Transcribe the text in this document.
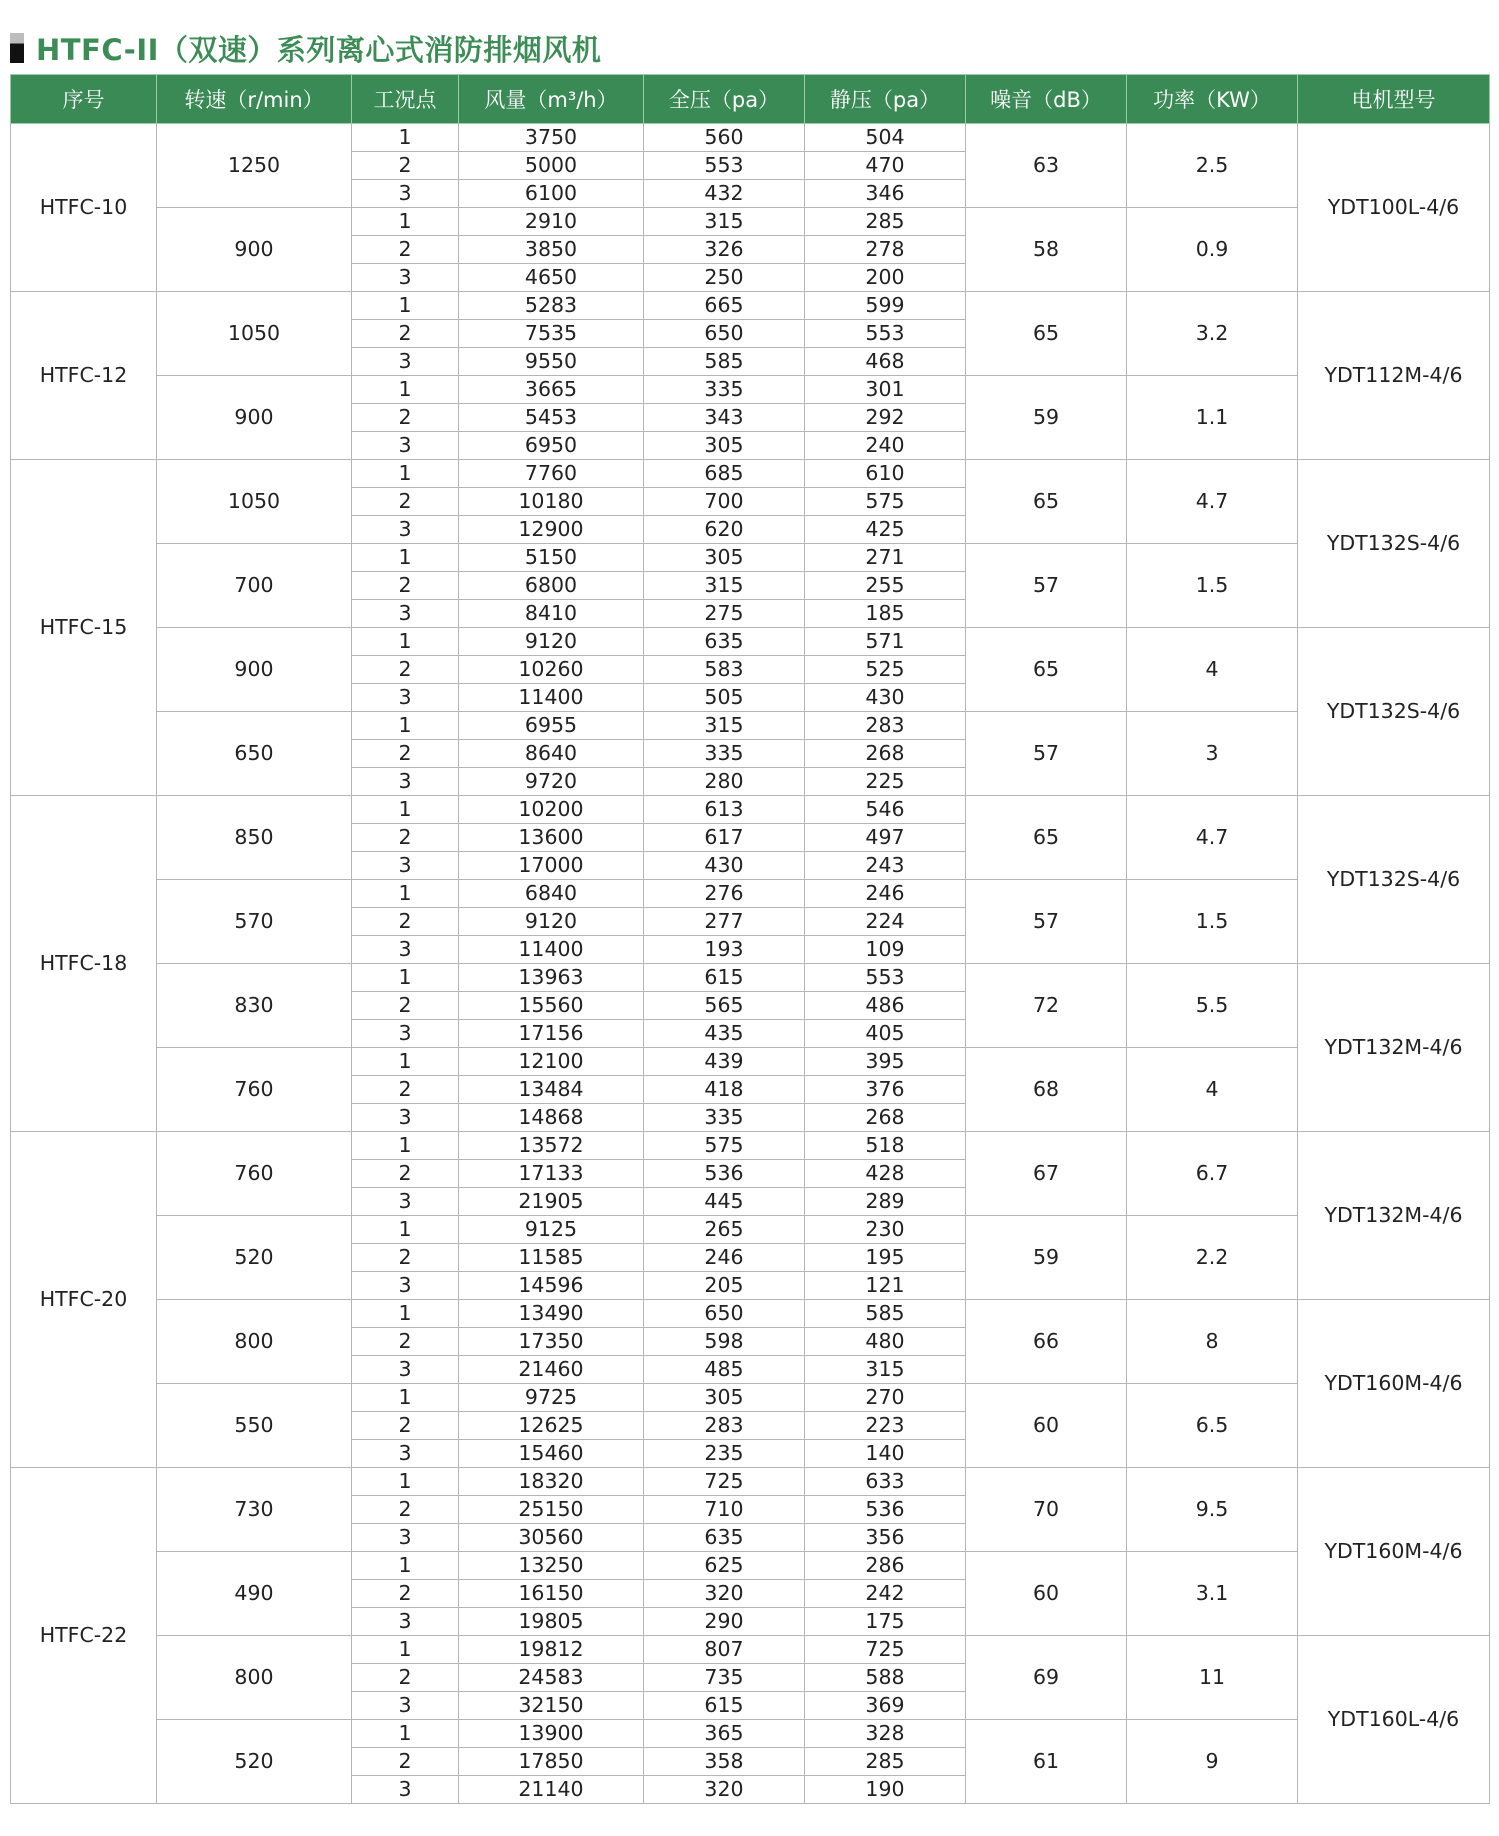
HTFC-II（双速）系列离心式消防排烟风机
序号	转速（r/min）	工况点	风量（m³/h）	全压（pa）	静压（pa）	噪音（dB）	功率（KW）	电机型号
HTFC-10	1250	1	3750	560	504	63	2.5	YDT100L-4/6
		2	5000	553	470			
		3	6100	432	346			
	900	1	2910	315	285	58	0.9	
		2	3850	326	278			
		3	4650	250	200			
HTFC-12	1050	1	5283	665	599	65	3.2	YDT112M-4/6
		2	7535	650	553			
		3	9550	585	468			
	900	1	3665	335	301	59	1.1	
		2	5453	343	292			
		3	6950	305	240			
HTFC-15	1050	1	7760	685	610	65	4.7	YDT132S-4/6
		2	10180	700	575			
		3	12900	620	425			
	700	1	5150	305	271	57	1.5	
		2	6800	315	255			
		3	8410	275	185			
	900	1	9120	635	571	65	4	YDT132S-4/6
		2	10260	583	525			
		3	11400	505	430			
	650	1	6955	315	283	57	3	
		2	8640	335	268			
		3	9720	280	225			
HTFC-18	850	1	10200	613	546	65	4.7	YDT132S-4/6
		2	13600	617	497			
		3	17000	430	243			
	570	1	6840	276	246	57	1.5	
		2	9120	277	224			
		3	11400	193	109			
	830	1	13963	615	553	72	5.5	YDT132M-4/6
		2	15560	565	486			
		3	17156	435	405			
	760	1	12100	439	395	68	4	
		2	13484	418	376			
		3	14868	335	268			
HTFC-20	760	1	13572	575	518	67	6.7	YDT132M-4/6
		2	17133	536	428			
		3	21905	445	289			
	520	1	9125	265	230	59	2.2	
		2	11585	246	195			
		3	14596	205	121			
	800	1	13490	650	585	66	8	YDT160M-4/6
		2	17350	598	480			
		3	21460	485	315			
	550	1	9725	305	270	60	6.5	
		2	12625	283	223			
		3	15460	235	140			
HTFC-22	730	1	18320	725	633	70	9.5	YDT160M-4/6
		2	25150	710	536			
		3	30560	635	356			
	490	1	13250	625	286	60	3.1	
		2	16150	320	242			
		3	19805	290	175			
	800	1	19812	807	725	69	11	YDT160L-4/6
		2	24583	735	588			
		3	32150	615	369			
	520	1	13900	365	328	61	9	
		2	17850	358	285			
		3	21140	320	190			
